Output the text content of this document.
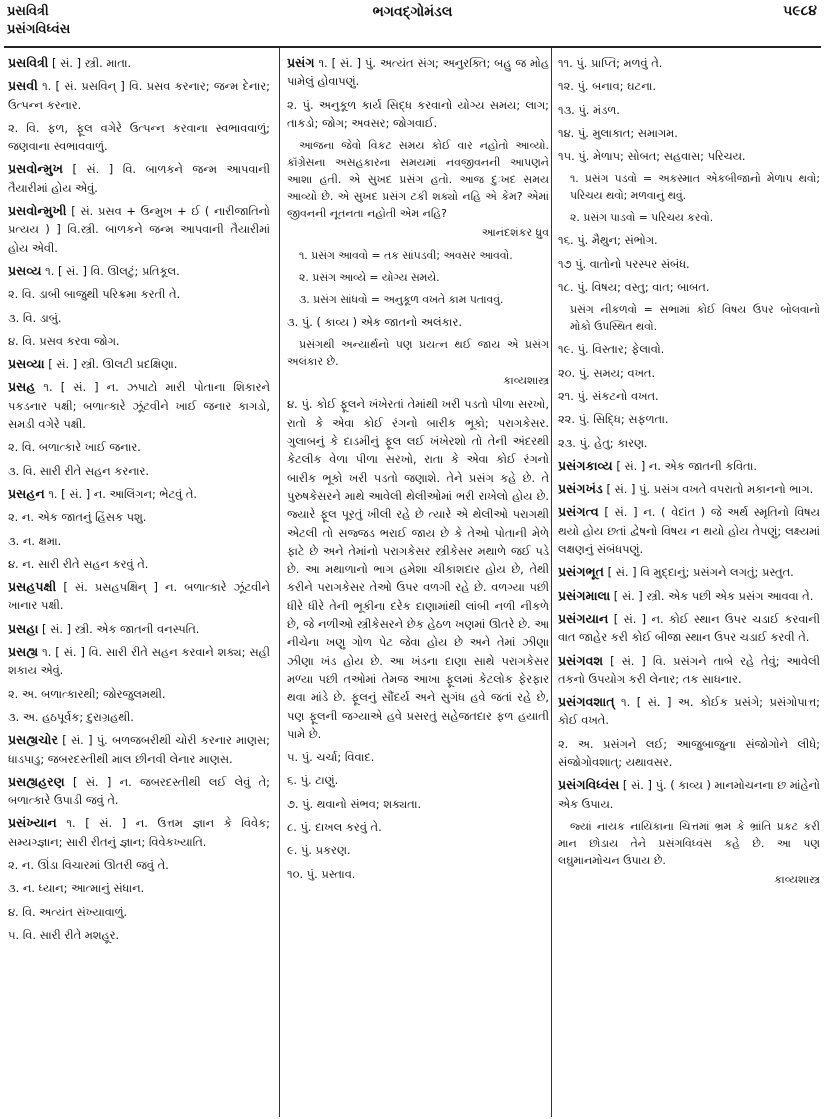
પ્રસવિત્રી
પ્રસંગવિધ્વંસ
ભગવદ્ગોમંડલ	૫૯૮૪

પ્રસવિત્રી [ સં. ] સ્ત્રી. માતા.

પ્રસવી ૧. [ સં. પ્રસવિન્ ] વિ. પ્રસવ કરનાર; જન્મ દેનાર; ઉત્પન્ન કરનાર.

૨. વિ. ફળ, ફૂલ વગેરે ઉત્પન્ન કરવાના સ્વભાવવાળું; જણવાના સ્વભાવવાળું.

પ્રસવોન્મુખ [ સં. ] વિ. બાળકને જન્મ આપવાની તૈયારીમાં હોય એવું.

પ્રસવોન્મુખી [ સં. પ્રસવ + ઉન્મુખ + ઈ ( નારીજાતિનો પ્રત્યય ) ] વિ.સ્ત્રી. બાળકને જન્મ આપવાની તૈયારીમાં હોય એવી.

પ્રસવ્ય ૧. [ સં. ] વિ. ઊલટું; પ્રતિકૂલ.

૨. વિ. ડાબી બાજુથી પરિક્રમા કરતી તે.

૩. વિ. ડાબું.

૪. વિ. પ્રસવ કરવા જોગ.

પ્રસવ્યા [ સં. ] સ્ત્રી. ઊલટી પ્રદક્ષિણા.

પ્રસહ ૧. [ સં. ] ન. ઝપાટો મારી પોતાના શિકારને પકડનાર પક્ષી; બળાત્કારે ઝૂંટવીને ખાઈ જનાર કાગડો, સમડી વગેરે પક્ષી.

૨. વિ. બળાત્કારે ખાઈ જનાર.

૩. વિ. સારી રીતે સહન કરનાર.

પ્રસહન ૧. [ સં. ] ન. આલિંગન; ભેટવું તે.

૨. ન. એક જાતનું હિંસક પશુ.

૩. ન. ક્ષમા.

૪. ન. સારી રીતે સહન કરવું તે.

પ્રસહપક્ષી [ સં. પ્રસહપક્ષિન્ ] ન. બળાત્કારે ઝૂંટવીને ખાનાર પક્ષી.

પ્રસહા [ સં. ] સ્ત્રી. એક જાતની વનસ્પતિ.

પ્રસહ્ય ૧. [ સં. ] વિ. સારી રીતે સહન કરવાને શક્ય; સહી શકાય એવું.

૨. અ. બળાત્કારથી; જોરજુલમથી.

૩. અ. હઠપૂર્વક; દુરાગ્રહથી.

પ્રસહ્યચોર [ સં. ] પું. બળજબરીથી ચોરી કરનાર માણસ; ધાડપાડુ; જબરદસ્તીથી માલ છીનવી લેનાર માણસ.

પ્રસહ્યહરણ [ સં. ] ન. જબરદસ્તીથી લઈ લેવું તે; બળાત્કારે ઉપાડી જવું તે.

પ્રસંખ્યાન ૧. [ સં. ] ન. ઉત્તમ જ્ઞાન કે વિવેક; સમ્યગ્જ્ઞાન; સારી રીતનું જ્ઞાન; વિવેકખ્યાતિ.

૨. ન. ઊંડા વિચારમાં ઊતરી જવું તે.

૩. ન. ધ્યાન; આત્માનું સંધાન.

૪. વિ. અત્યંત સંખ્યાવાળું.

૫. વિ. સારી રીતે મશહૂર.

પ્રસંગ ૧. [ સં. ] પું. અત્યંત સંગ; અનુરક્તિ; બહુ જ મોહ પામેલું હોવાપણું.

૨. પું. અનુકૂળ કાર્ય સિદ્ધ કરવાનો યોગ્ય સમય; લાગ; તાકડો; જોગ; અવસર; જોગવાઈ.

આજના જેવો વિકટ સમય કોઈ વાર નહોતો આવ્યો. કૉંગ્રેસના અસહકારના સમયમાં નવજીવનની આપણને આશા હતી. એ સુખદ પ્રસંગ હતો. આજ દુઃખદ સમય આવ્યો છે. એ સુખદ પ્રસંગ ટકી શક્યો નહિ એ કેમ? એમાં જીવનની નૂતનતા નહોતી એમ નહિ?

આનંદશંકર ધ્રુવ

૧. પ્રસંગ આવવો = તક સાંપડવી; અવસર આવવો.

૨. પ્રસંગ આવ્યે = યોગ્ય સમયે.

૩. પ્રસંગ સાંધવો = અનુકૂળ વખતે કામ પતાવવું.

૩. પું. ( કાવ્ય ) એક જાતનો અલંકાર.

પ્રસંગથી અન્યાર્થનો પણ પ્રયત્ન થઈ જાય એ પ્રસંગ અલંકાર છે.

કાવ્યશાસ્ત્ર

૪. પું. કોઈ ફૂલને ખંખેરતાં તેમાંથી ખરી પડતો પીળા સરખો, રાતો કે એવા કોઈ રંગનો બારીક ભૂકો; પરાગકેસર. ગુલાબનું કે દાડમીનું ફૂલ લઈ ખંખેરશો તો તેની અંદરથી કેટલીક વેળા પીળા સરખો, રાતા કે એવા કોઈ રંગનો બારીક ભૂકો ખરી પડતો જણાશે. તેને પ્રસંગ કહે છે. તે પુરુષકેસરને માથે આવેલી થેલીઓમાં ભરી રાખેલો હોય છે. જ્યારે ફૂલ પૂરતું ખીલી રહે છે ત્યારે એ થેલીઓ પરાગથી એટલી તો સજ્જડ ભરાઈ જાય છે કે તેઓ પોતાની મેળે ફાટે છે અને તેમાંનો પરાગકેસર સ્ત્રીકેસર મથાળે જઈ પડે છે. આ મથાળાનો ભાગ હમેશા ચીકાશદાર હોય છે, તેથી કરીને પરાગકેસર તેઓ ઉપર વળગી રહે છે. વળગ્યા પછી ધીરે ધીરે તેની ભૂકીના દરેક દાણામાંથી લાંબી નળી નીકળે છે, જે નળીઓ સ્ત્રીકેસરને છેક હેઠળ ખણમાં ઊતરે છે. આ નીચેના ખણુ ગોળ પેટ જેવા હોય છે અને તેમાં ઝીણા ઝીણા ખંડ હોય છે. આ ખંડના દાણા સાથે પરાગકેસર મળ્યા પછી તઓમાં તેમજ આખા ફૂલમાં કેટલોક ફેરફાર થવા માંડે છે. ફૂલનું સૌંદર્ય અને સુગંધ હવે જતાં રહે છે, પણ ફૂલની જગ્યાએ હવે પ્રસરતું સહેજતદાર ફળ હયાતી પામે છે.

૫. પું. ચર્ચા; વિવાદ.

૬. પું. ટાણું.

૭. પું. થવાનો સંભવ; શક્યતા.

૮. પું. દાખલ કરવું તે.

૯. પું. પ્રકરણ.

૧૦. પું. પ્રસ્તાવ.

૧૧. પું. પ્રાપ્તિ; મળવું તે.

૧૨. પું. બનાવ; ઘટના.

૧૩. પું. મંડળ.

૧૪. પું. મુલાકાત; સમાગમ.

૧૫. પું. મેળાપ; સોબત; સહવાસ; પરિચય.

૧. પ્રસંગ પડવો = અકસ્માત એકબીજાનો મેળાપ થવો; પરિચય થવો; મળવાનું થવું.

૨. પ્રસંગ પાડવો = પરિચય કરવો.

૧૬. પું. મૈથુન; સંભોગ.

૧૭ પું. વાતોનો પરસ્પર સંબંધ.

૧૮. પું. વિષય; વસ્તુ; વાત; બાબત.

પ્રસંગ નીકળવો = સભામાં કોઈ વિષય ઉપર બોલવાનો મોકો ઉપસ્થિત થવો.

૧૯. પું. વિસ્તાર; ફેલાવો.

૨૦. પું. સમય; વખત.

૨૧. પું. સંકટનો વખત.

૨૨. પું. સિદ્ધિ; સફળતા.

૨૩. પું. હેતુ; કારણ.

પ્રસંગકાવ્ય [ સં. ] ન. એક જાતની કવિતા.

પ્રસંગખંડ [ સં. ] પું. પ્રસંગ વખતે વપરાતો મકાનનો ભાગ.

પ્રસંગત્વ [ સં. ] ન. ( વેદાંત ) જે અર્થ સ્મૃતિનો વિષય થયો હોય છતાં દ્વેષનો વિષય ન થયો હોય તેપણું; લક્ષ્યમાં લક્ષણનું સંબંધપણું.

પ્રસંગભૂત [ સં. ] વિ મુદ્દાનું; પ્રસંગને લગતું; પ્રસ્તુત.

પ્રસંગમાલા [ સં. ] સ્ત્રી. એક પછી એક પ્રસંગ આવવા તે.

પ્રસંગયાન [ સં. ] ન. કોઈ સ્થાન ઉપર ચડાઈ કરવાની વાત જાહેર કરી કોઈ બીજા સ્થાન ઉપર ચડાઈ કરવી તે.

પ્રસંગવશ [ સં. ] વિ. પ્રસંગને તાબે રહે તેવું; આવેલી તકનો ઉપયોગ કરી લેનાર; તક સાધનાર.

પ્રસંગવશાત્ ૧. [ સં. ] અ. કોઈક પ્રસંગે; પ્રસંગોપાત્ત; કોઈ વખતે.

૨. અ. પ્રસંગને લઈ; આજુબાજુના સંજોગોને લીધે; સંજોગોવશાત્; યથાવસર.

પ્રસંગવિધ્વંસ [ સં. ] પું. ( કાવ્ય ) માનમોચનના છ માંહેનો એક ઉપાય.

જ્યાં નાયક નાયિકાના ચિત્તમાં ભ્રમ કે ભ્રાંતિ પ્રકટ કરી માન છોડાય તેને પ્રસંગવિધ્વંસ કહે છે. આ પણ લઘુમાનમોચન ઉપાય છે.

કાવ્યશાસ્ત્ર
